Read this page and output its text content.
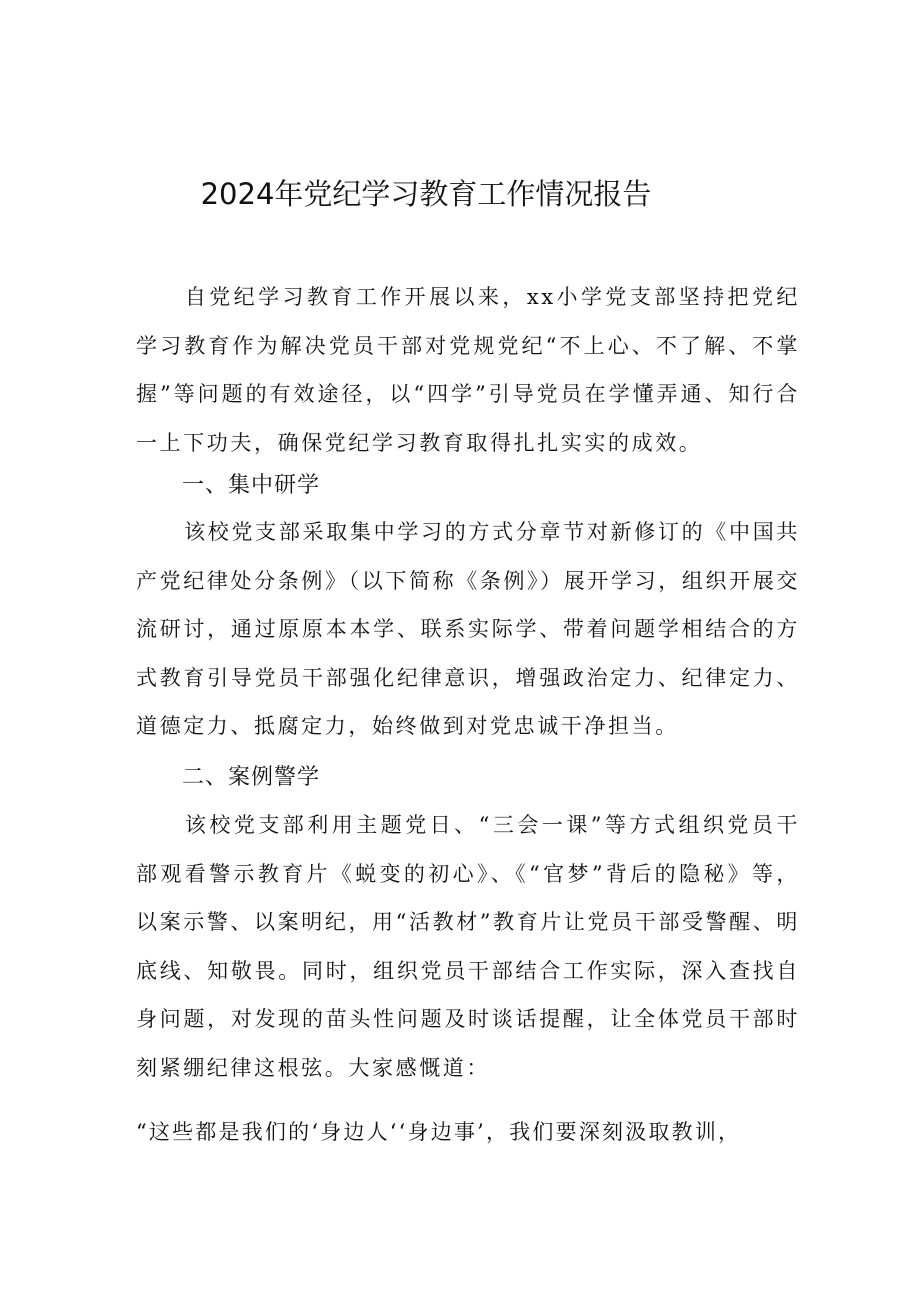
2024年党纪学习教育工作情况报告

自党纪学习教育工作开展以来，xx小学党支部坚持把党纪学习教育作为解决党员干部对党规党纪“不上心、不了解、不掌握”等问题的有效途径，以“四学”引导党员在学懂弄通、知行合一上下功夫，确保党纪学习教育取得扎扎实实的成效。

一、集中研学

该校党支部采取集中学习的方式分章节对新修订的《中国共产党纪律处分条例》（以下简称《条例》）展开学习，组织开展交流研讨，通过原原本本学、联系实际学、带着问题学相结合的方式教育引导党员干部强化纪律意识，增强政治定力、纪律定力、道德定力、抵腐定力，始终做到对党忠诚干净担当。

二、案例警学

该校党支部利用主题党日、“三会一课”等方式组织党员干部观看警示教育片《蜕变的初心》、《“官梦”背后的隐秘》等，以案示警、以案明纪，用“活教材”教育片让党员干部受警醒、明底线、知敬畏。同时，组织党员干部结合工作实际，深入查找自身问题，对发现的苗头性问题及时谈话提醒，让全体党员干部时刻紧绷纪律这根弦。大家感慨道：

“这些都是我们的‘身边人‘‘身边事’，我们要深刻汲取教训，
